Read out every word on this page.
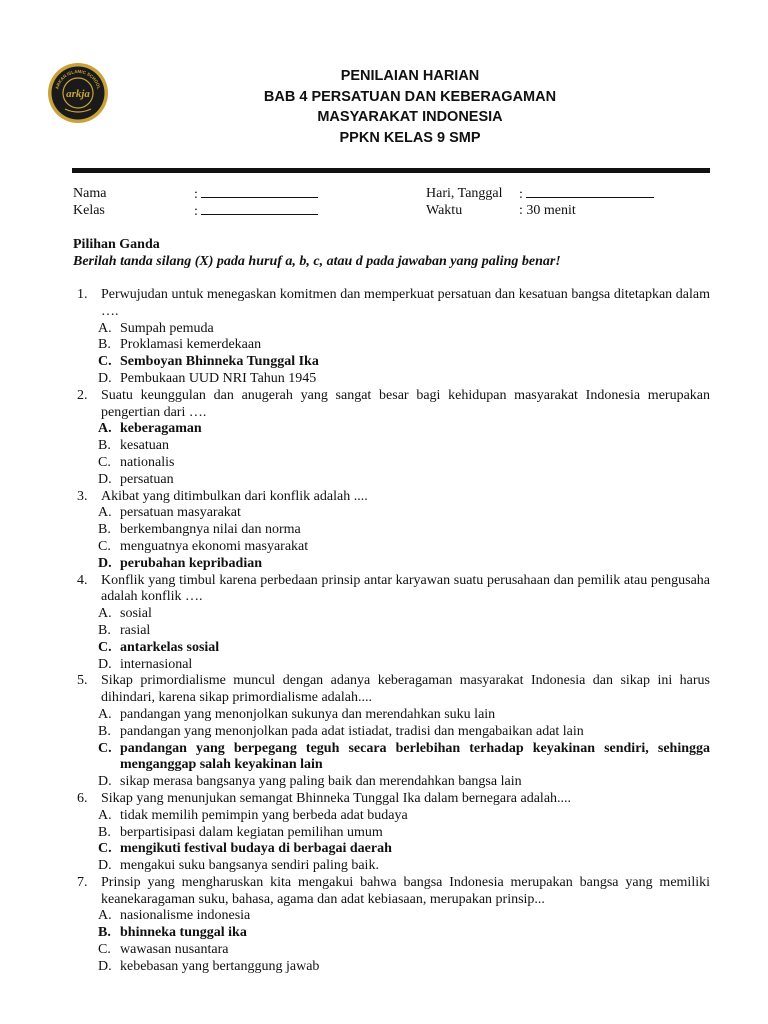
ARKAN ISLAMIC SCHOOL
arkja
PENILAIAN HARIAN
BAB 4 PERSATUAN DAN KEBERAGAMAN
MASYARAKAT INDONESIA
PPKN KELAS 9 SMP
Nama	:
Kelas	:
Hari, Tanggal :
Waktu	: 30 menit
Pilihan Ganda
Berilah tanda silang (X) pada huruf a, b, c, atau d pada jawaban yang paling benar!
1. Perwujudan untuk menegaskan komitmen dan memperkuat persatuan dan kesatuan bangsa ditetapkan dalam ….
A. Sumpah pemuda
B. Proklamasi kemerdekaan
C. Semboyan Bhinneka Tunggal Ika
D. Pembukaan UUD NRI Tahun 1945
2. Suatu keunggulan dan anugerah yang sangat besar bagi kehidupan masyarakat Indonesia merupakan pengertian dari ….
A. keberagaman
B. kesatuan
C. nationalis
D. persatuan
3. Akibat yang ditimbulkan dari konflik adalah ....
A. persatuan masyarakat
B. berkembangnya nilai dan norma
C. menguatnya ekonomi masyarakat
D. perubahan kepribadian
4. Konflik yang timbul karena perbedaan prinsip antar karyawan suatu perusahaan dan pemilik atau pengusaha adalah konflik ….
A. sosial
B. rasial
C. antarkelas sosial
D. internasional
5. Sikap primordialisme muncul dengan adanya keberagaman masyarakat Indonesia dan sikap ini harus dihindari, karena sikap primordialisme adalah....
A. pandangan yang menonjolkan sukunya dan merendahkan suku lain
B. pandangan yang menonjolkan pada adat istiadat, tradisi dan mengabaikan adat lain
C. pandangan yang berpegang teguh secara berlebihan terhadap keyakinan sendiri, sehingga menganggap salah keyakinan lain
D. sikap merasa bangsanya yang paling baik dan merendahkan bangsa lain
6. Sikap yang menunjukan semangat Bhinneka Tunggal Ika dalam bernegara adalah....
A. tidak memilih pemimpin yang berbeda adat budaya
B. berpartisipasi dalam kegiatan pemilihan umum
C. mengikuti festival budaya di berbagai daerah
D. mengakui suku bangsanya sendiri paling baik.
7. Prinsip yang mengharuskan kita mengakui bahwa bangsa Indonesia merupakan bangsa yang memiliki keanekaragaman suku, bahasa, agama dan adat kebiasaan, merupakan prinsip...
A. nasionalisme indonesia
B. bhinneka tunggal ika
C. wawasan nusantara
D. kebebasan yang bertanggung jawab
